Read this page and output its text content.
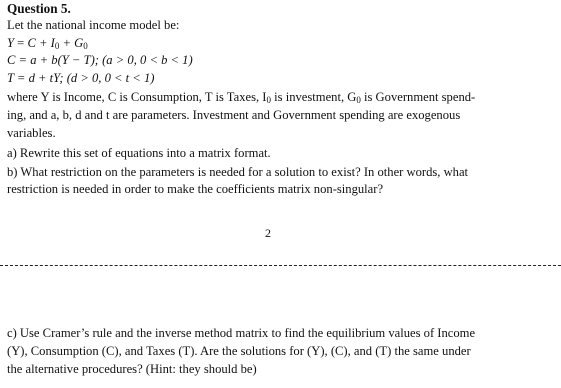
Question 5.
Let the national income model be:
$Y = C + I_0 + G_0$
C = a + b(Y − T); (a > 0, 0 < b < 1)
T = d + tY; (d > 0, 0 < t < 1)
where Y is Income, C is Consumption, T is Taxes, $I_0$ is investment, $G_0$ is Government spend-
ing, and a, b, d and t are parameters. Investment and Government spending are exogenous
variables.
a) Rewrite this set of equations into a matrix format.
b) What restriction on the parameters is needed for a solution to exist? In other words, what
restriction is needed in order to make the coefficients matrix non-singular?
2
c) Use Cramer’s rule and the inverse method matrix to find the equilibrium values of Income
(Y), Consumption (C), and Taxes (T). Are the solutions for (Y), (C), and (T) the same under
the alternative procedures? (Hint: they should be)
